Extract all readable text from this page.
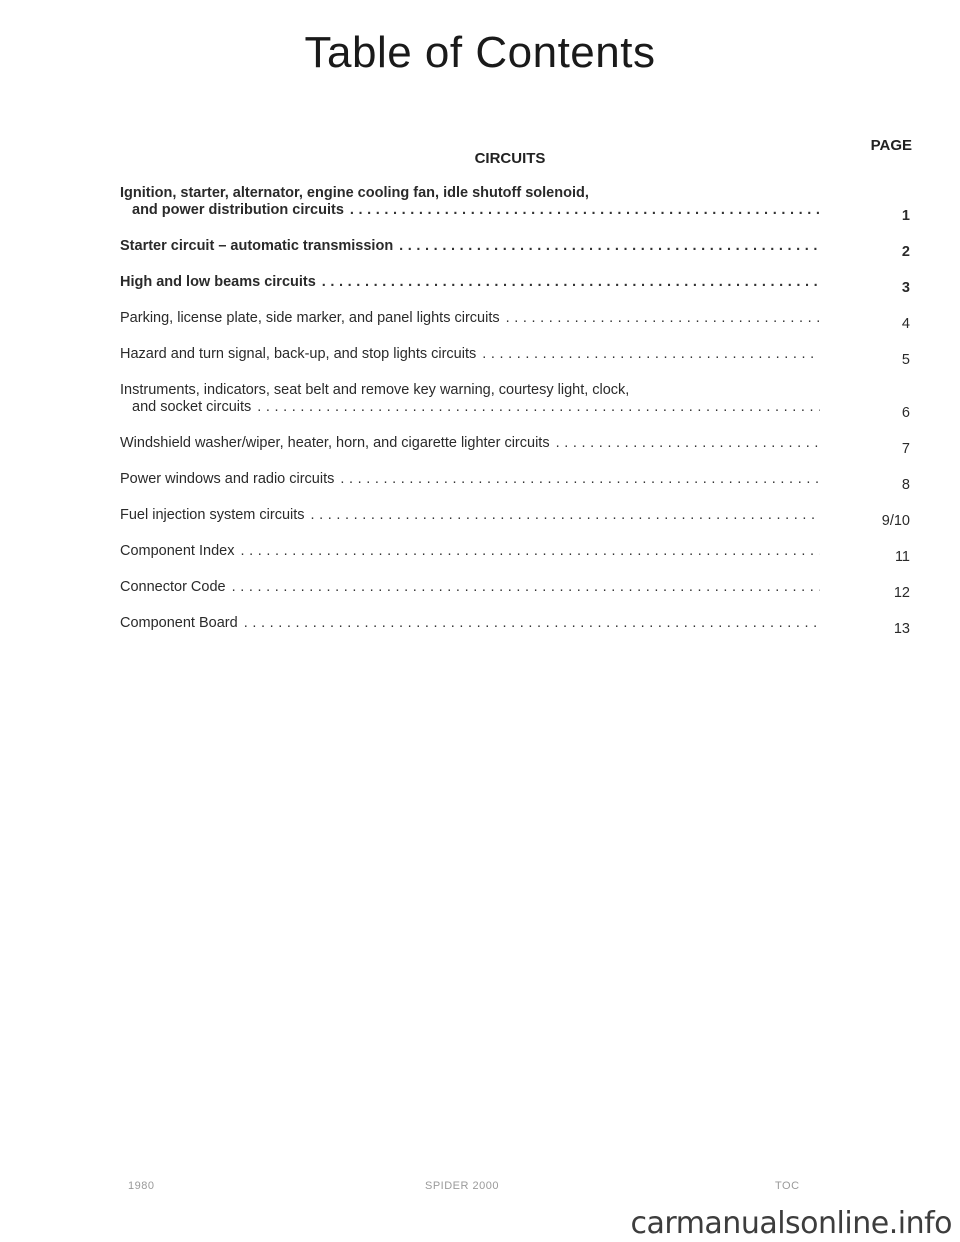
Table of Contents
PAGE
CIRCUITS
Ignition, starter, alternator, engine cooling fan, idle shutoff solenoid,
and power distribution circuits .....	1
Starter circuit – automatic transmission .....	2
High and low beams circuits .....	3
Parking, license plate, side marker, and panel lights circuits .....	4
Hazard and turn signal, back-up, and stop lights circuits .....	5
Instruments, indicators, seat belt and remove key warning, courtesy light, clock,
and socket circuits .....	6
Windshield washer/wiper, heater, horn, and cigarette lighter circuits .....	7
Power windows and radio circuits .....	8
Fuel injection system circuits .....	9/10
Component Index .....	11
Connector Code .....	12
Component Board .....	13
1980	SPIDER 2000	TOC
carmanualsonline.info
